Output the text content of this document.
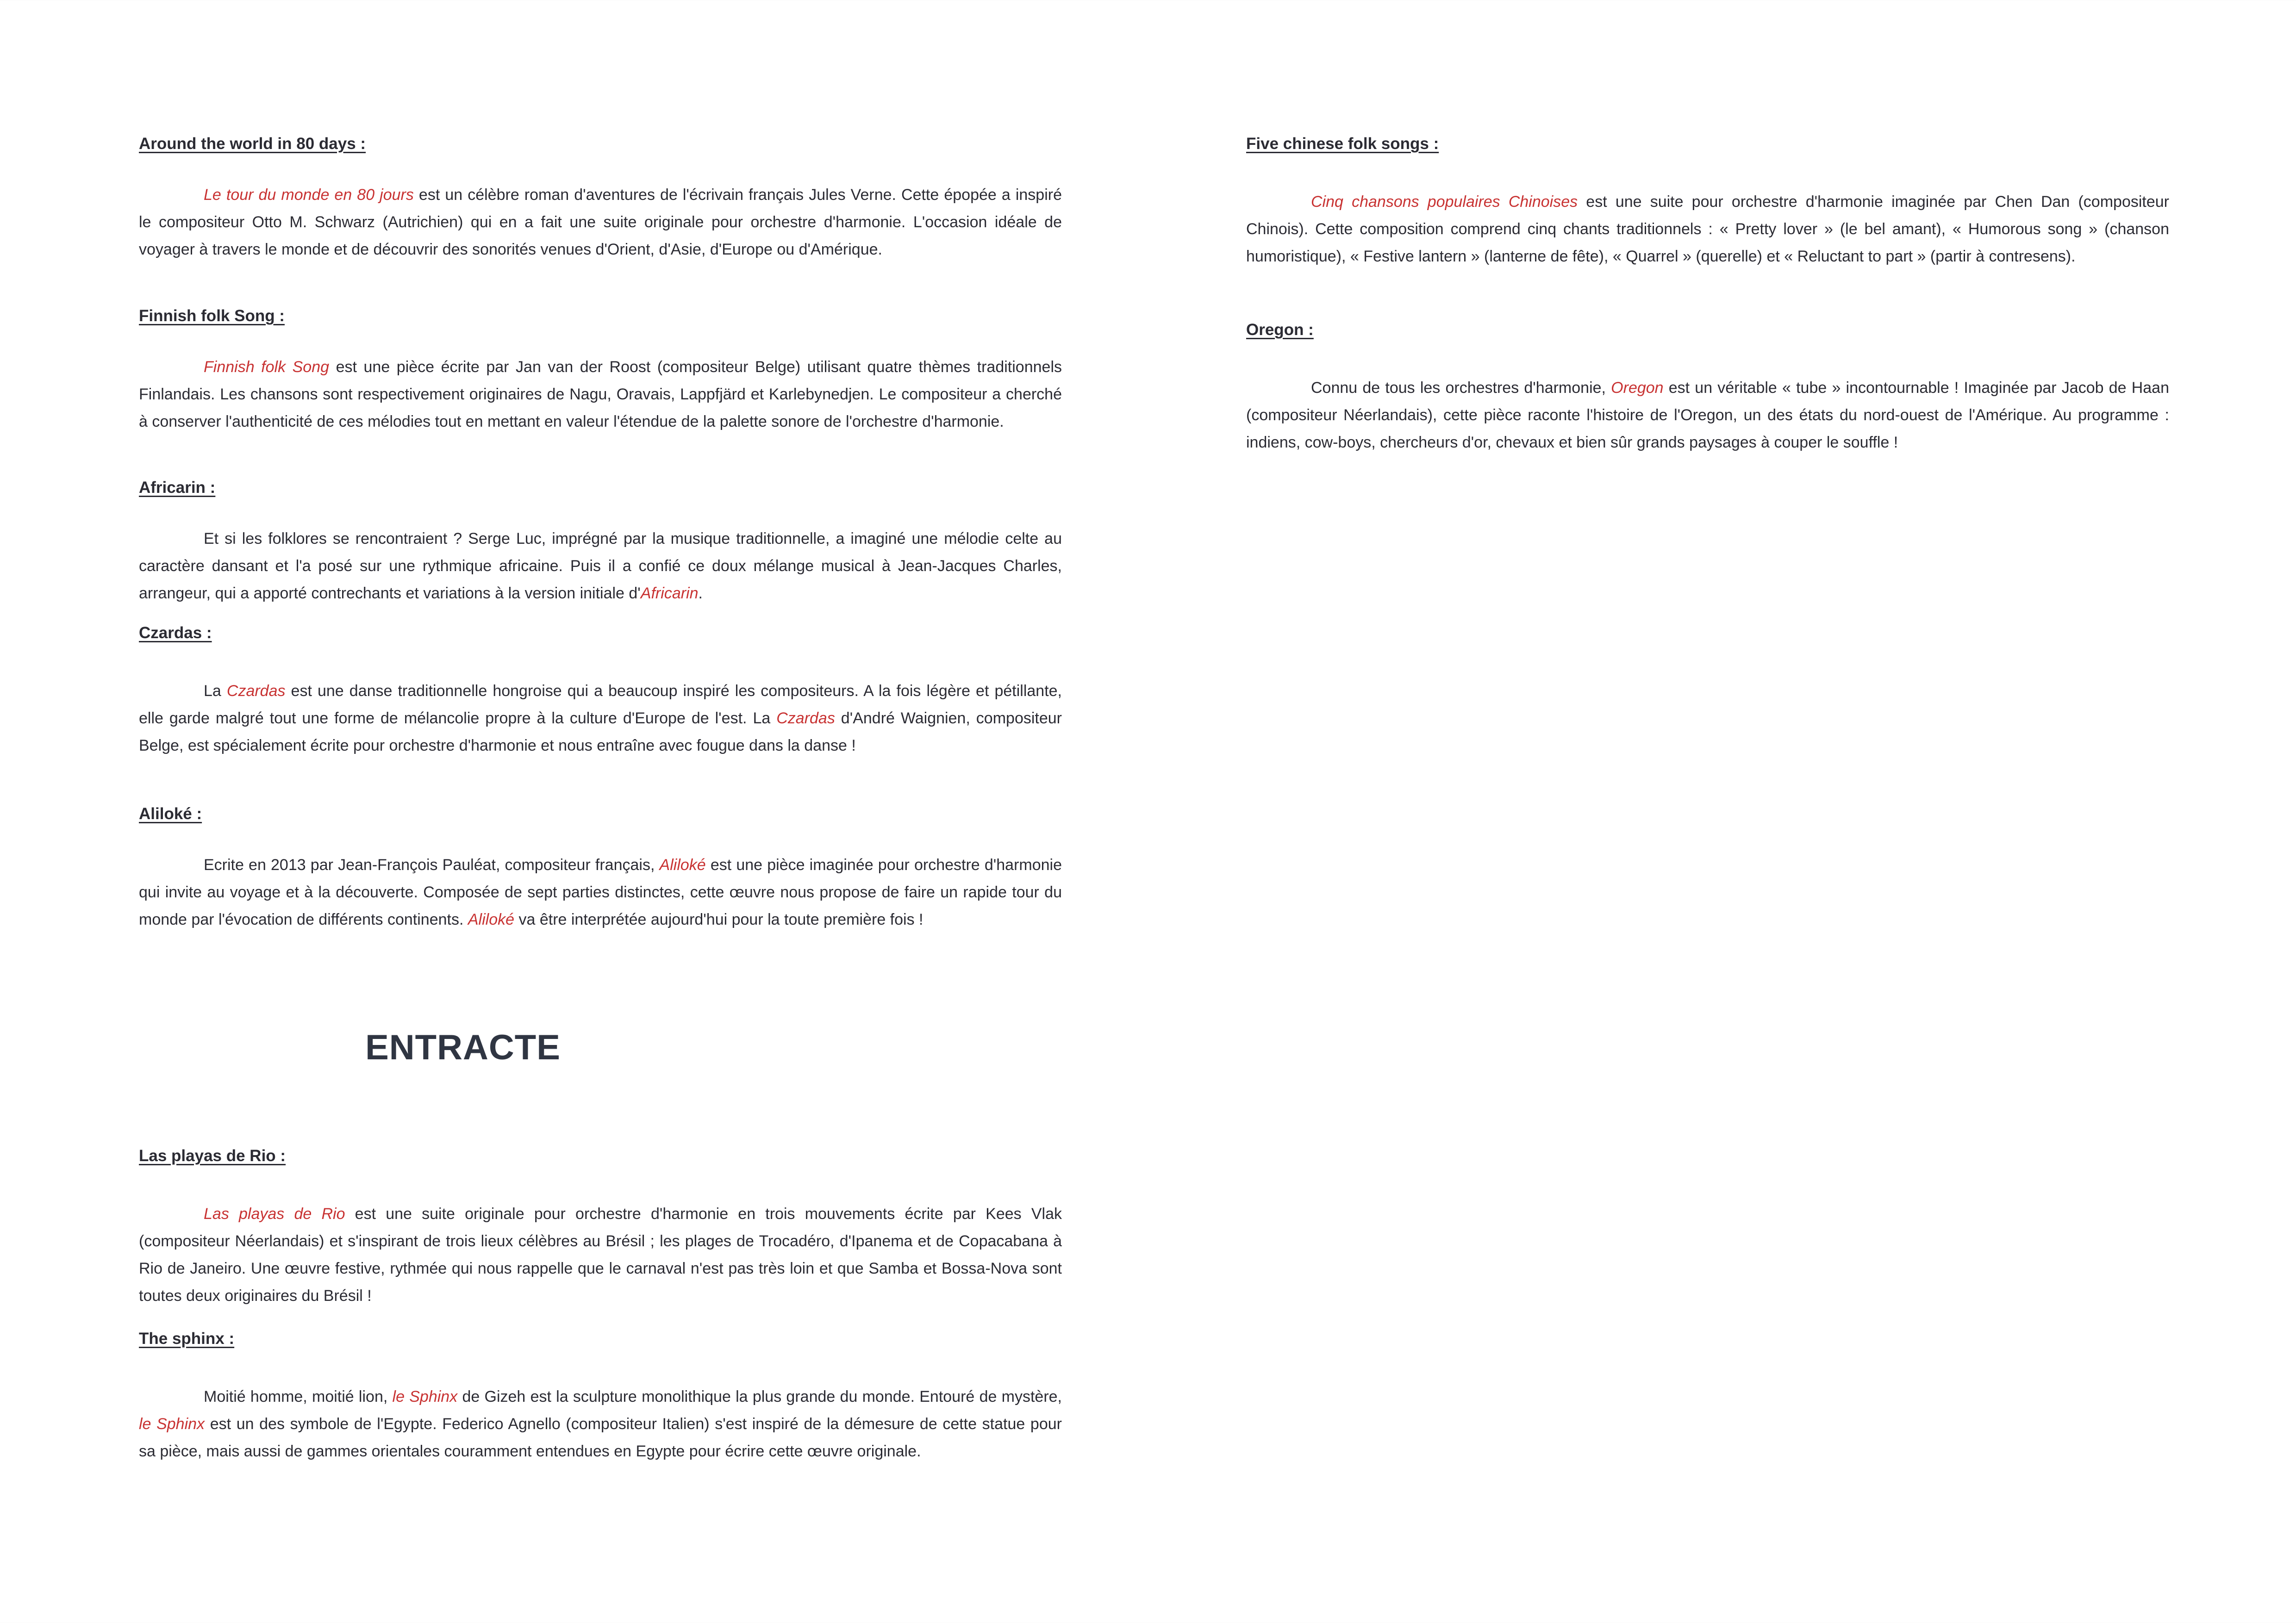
Around the world in 80 days :

Le tour du monde en 80 jours est un célèbre roman d'aventures de l'écrivain français Jules Verne. Cette épopée a inspiré le compositeur Otto M. Schwarz (Autrichien) qui en a fait une suite originale pour orchestre d'harmonie. L'occasion idéale de voyager à travers le monde et de découvrir des sonorités venues d'Orient, d'Asie, d'Europe ou d'Amérique.

Finnish folk Song :

Finnish folk Song est une pièce écrite par Jan van der Roost (compositeur Belge) utilisant quatre thèmes traditionnels Finlandais. Les chansons sont respectivement originaires de Nagu, Oravais, Lappfjärd et Karlebynedjen. Le compositeur a cherché à conserver l'authenticité de ces mélodies tout en mettant en valeur l'étendue de la palette sonore de l'orchestre d'harmonie.

Africarin :

Et si les folklores se rencontraient ? Serge Luc, imprégné par la musique traditionnelle, a imaginé une mélodie celte au caractère dansant et l'a posé sur une rythmique africaine. Puis il a confié ce doux mélange musical à Jean-Jacques Charles, arrangeur, qui a apporté contrechants et variations à la version initiale d'Africarin.

Czardas :

La Czardas est une danse traditionnelle hongroise qui a beaucoup inspiré les compositeurs. A la fois légère et pétillante, elle garde malgré tout une forme de mélancolie propre à la culture d'Europe de l'est. La Czardas d'André Waignien, compositeur Belge, est spécialement écrite pour orchestre d'harmonie et nous entraîne avec fougue dans la danse !

Aliloké :

Ecrite en 2013 par Jean-François Pauléat, compositeur français, Aliloké est une pièce imaginée pour orchestre d'harmonie qui invite au voyage et à la découverte. Composée de sept parties distinctes, cette œuvre nous propose de faire un rapide tour du monde par l'évocation de différents continents. Aliloké va être interprétée aujourd'hui pour la toute première fois !

Las playas de Rio :

Las playas de Rio est une suite originale pour orchestre d'harmonie en trois mouvements écrite par Kees Vlak (compositeur Néerlandais) et s'inspirant de trois lieux célèbres au Brésil ; les plages de Trocadéro, d'Ipanema et de Copacabana à Rio de Janeiro. Une œuvre festive, rythmée qui nous rappelle que le carnaval n'est pas très loin et que Samba et Bossa-Nova sont toutes deux originaires du Brésil !

The sphinx :

Moitié homme, moitié lion, le Sphinx de Gizeh est la sculpture monolithique la plus grande du monde. Entouré de mystère, le Sphinx est un des symbole de l'Egypte. Federico Agnello (compositeur Italien) s'est inspiré de la démesure de cette statue pour sa pièce, mais aussi de gammes orientales couramment entendues en Egypte pour écrire cette œuvre originale.

ENTRACTE
Five chinese folk songs :

Cinq chansons populaires Chinoises est une suite pour orchestre d'harmonie imaginée par Chen Dan (compositeur Chinois). Cette composition comprend cinq chants traditionnels : « Pretty lover » (le bel amant), « Humorous song » (chanson humoristique), « Festive lantern » (lanterne de fête), « Quarrel » (querelle) et « Reluctant to part » (partir à contresens).

Oregon :

Connu de tous les orchestres d'harmonie, Oregon est un véritable « tube » incontournable ! Imaginée par Jacob de Haan (compositeur Néerlandais), cette pièce raconte l'histoire de l'Oregon, un des états du nord-ouest de l'Amérique. Au programme : indiens, cow-boys, chercheurs d'or, chevaux et bien sûr grands paysages à couper le souffle !
